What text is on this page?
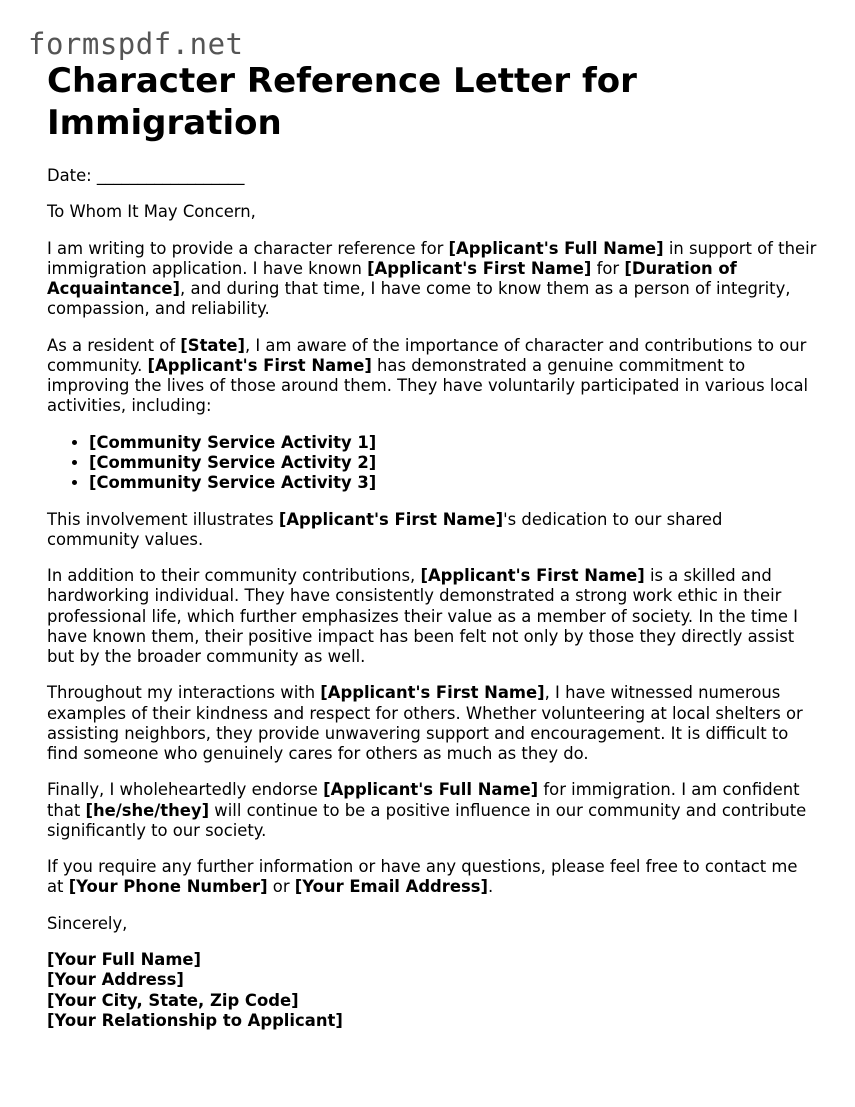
formspdf.net
Character Reference Letter for Immigration

Date: __________________

To Whom It May Concern,

I am writing to provide a character reference for [Applicant's Full Name] in support of their immigration application. I have known [Applicant's First Name] for [Duration of Acquaintance], and during that time, I have come to know them as a person of integrity, compassion, and reliability.

As a resident of [State], I am aware of the importance of character and contributions to our community. [Applicant's First Name] has demonstrated a genuine commitment to improving the lives of those around them. They have voluntarily participated in various local activities, including:

• [Community Service Activity 1]
• [Community Service Activity 2]
• [Community Service Activity 3]

This involvement illustrates [Applicant's First Name]'s dedication to our shared community values.

In addition to their community contributions, [Applicant's First Name] is a skilled and hardworking individual. They have consistently demonstrated a strong work ethic in their professional life, which further emphasizes their value as a member of society. In the time I have known them, their positive impact has been felt not only by those they directly assist but by the broader community as well.

Throughout my interactions with [Applicant's First Name], I have witnessed numerous examples of their kindness and respect for others. Whether volunteering at local shelters or assisting neighbors, they provide unwavering support and encouragement. It is difficult to find someone who genuinely cares for others as much as they do.

Finally, I wholeheartedly endorse [Applicant's Full Name] for immigration. I am confident that [he/she/they] will continue to be a positive influence in our community and contribute significantly to our society.

If you require any further information or have any questions, please feel free to contact me at [Your Phone Number] or [Your Email Address].

Sincerely,

[Your Full Name]
[Your Address]
[Your City, State, Zip Code]
[Your Relationship to Applicant]
